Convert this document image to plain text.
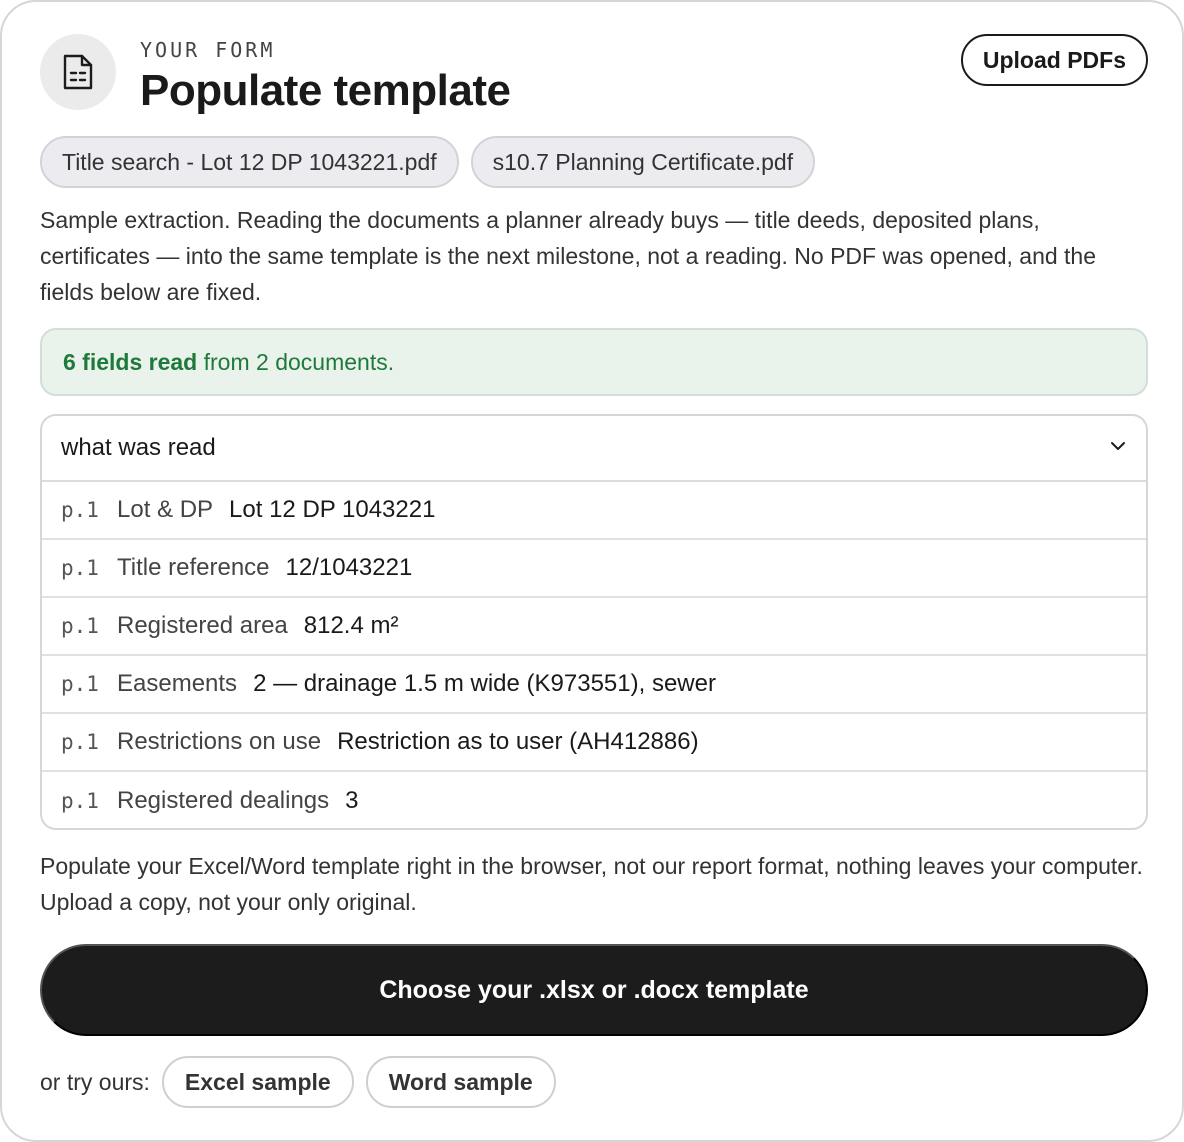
YOUR FORM
Populate template
Upload PDFs
Title search - Lot 12 DP 1043221.pdf	s10.7 Planning Certificate.pdf

Sample extraction. Reading the documents a planner already buys — title deeds, deposited plans, certificates — into the same template is the next milestone, not a reading. No PDF was opened, and the fields below are fixed.

6 fields read from 2 documents.
what was read
p.1 Lot & DP Lot 12 DP 1043221
p.1 Title reference 12/1043221
p.1 Registered area 812.4 m²
p.1 Easements 2 — drainage 1.5 m wide (K973551), sewer
p.1 Restrictions on use Restriction as to user (AH412886)
p.1 Registered dealings 3

Populate your Excel/Word template right in the browser, not our report format, nothing leaves your computer. Upload a copy, not your only original.

Choose your .xlsx or .docx template
or try ours:	Excel sample	Word sample
